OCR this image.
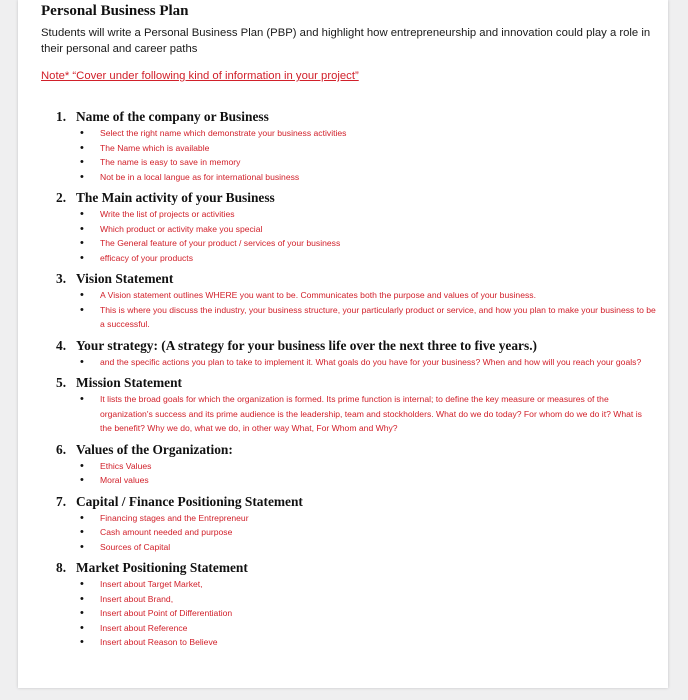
Personal Business Plan

Students will write a Personal Business Plan (PBP) and highlight how entrepreneurship and innovation could play a role in their personal and career paths

Note* “Cover under following kind of information in your project”

1. Name of the company or Business
• Select the right name which demonstrate your business activities
• The Name which is available
• The name is easy to save in memory
• Not be in a local langue as for international business
2. The Main activity of your Business
• Write the list of projects or activities
• Which product or activity make you special
• The General feature of your product / services of your business
• efficacy of your products
3. Vision Statement
• A Vision statement outlines WHERE you want to be. Communicates both the purpose and values of your business.
• This is where you discuss the industry, your business structure, your particularly product or service, and how you plan to make your business to be a successful.
4. Your strategy: (A strategy for your business life over the next three to five years.)
• and the specific actions you plan to take to implement it. What goals do you have for your business? When and how will you reach your goals?
5. Mission Statement
• It lists the broad goals for which the organization is formed. Its prime function is internal; to define the key measure or measures of the organization's success and its prime audience is the leadership, team and stockholders. What do we do today? For whom do we do it? What is the benefit? Why we do, what we do, in other way What, For Whom and Why?
6. Values of the Organization:
• Ethics Values
• Moral values
7. Capital / Finance Positioning Statement
• Financing stages and the Entrepreneur
• Cash amount needed and purpose
• Sources of Capital
8. Market Positioning Statement
• Insert about Target Market,
• Insert about Brand,
• Insert about Point of Differentiation
• Insert about Reference
• Insert about Reason to Believe
